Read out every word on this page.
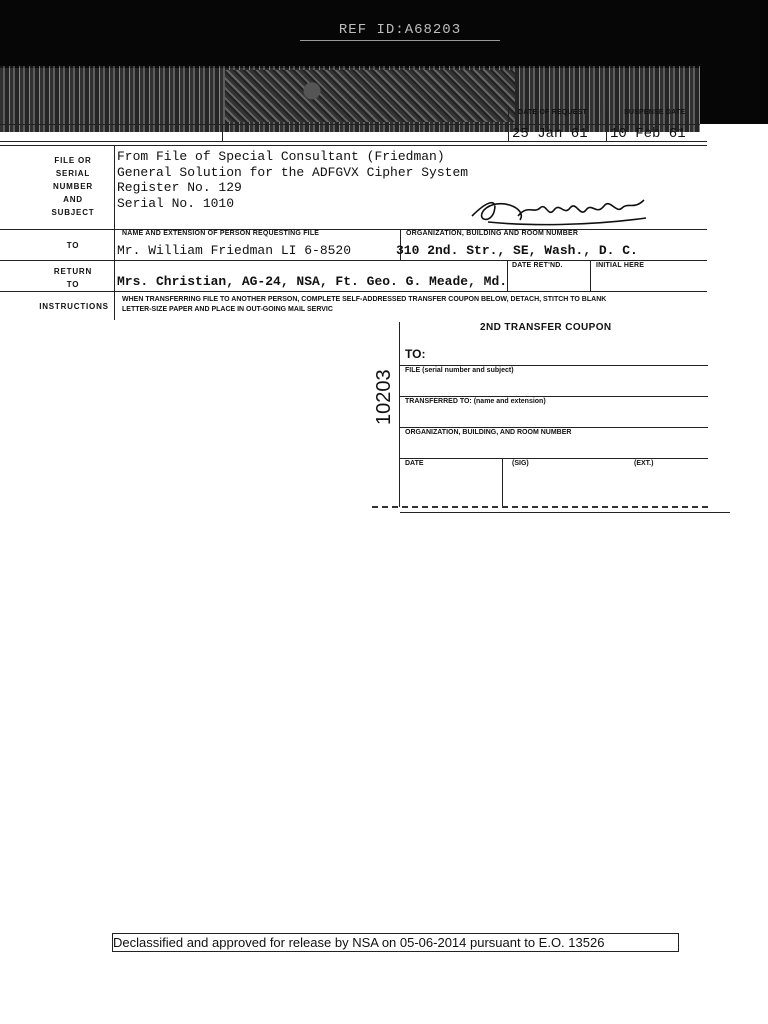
REF ID:A68203
DATE OF REQUEST	SUSPENSE DATE
25 Jan 61 10 Feb 61
FILE OR
SERIAL
NUMBER
AND
SUBJECT
From File of Special Consultant (Friedman)
General Solution for the ADFGVX Cipher System
Register No. 129
Serial No. 1010
NAME AND EXTENSION OF PERSON REQUESTING FILE	ORGANIZATION, BUILDING AND ROOM NUMBER
TO	Mr. William Friedman LI 6-8520	310 2nd. Str., SE, Wash., D. C.
DATE RET'ND.	INITIAL HERE
RETURN
TO	Mrs. Christian, AG-24, NSA, Ft. Geo. G. Meade, Md.
INSTRUCTIONS
WHEN TRANSFERRING FILE TO ANOTHER PERSON, COMPLETE SELF-ADDRESSED TRANSFER COUPON BELOW, DETACH, STITCH TO BLANK
LETTER-SIZE PAPER AND PLACE IN OUT-GOING MAIL SERVIC
2ND TRANSFER COUPON
10203
TO:
FILE (serial number and subject)
TRANSFERRED TO: (name and extension)
ORGANIZATION, BUILDING, AND ROOM NUMBER
DATE	(SIG)	(EXT.)
Declassified and approved for release by NSA on 05-06-2014 pursuant to E.O. 13526
